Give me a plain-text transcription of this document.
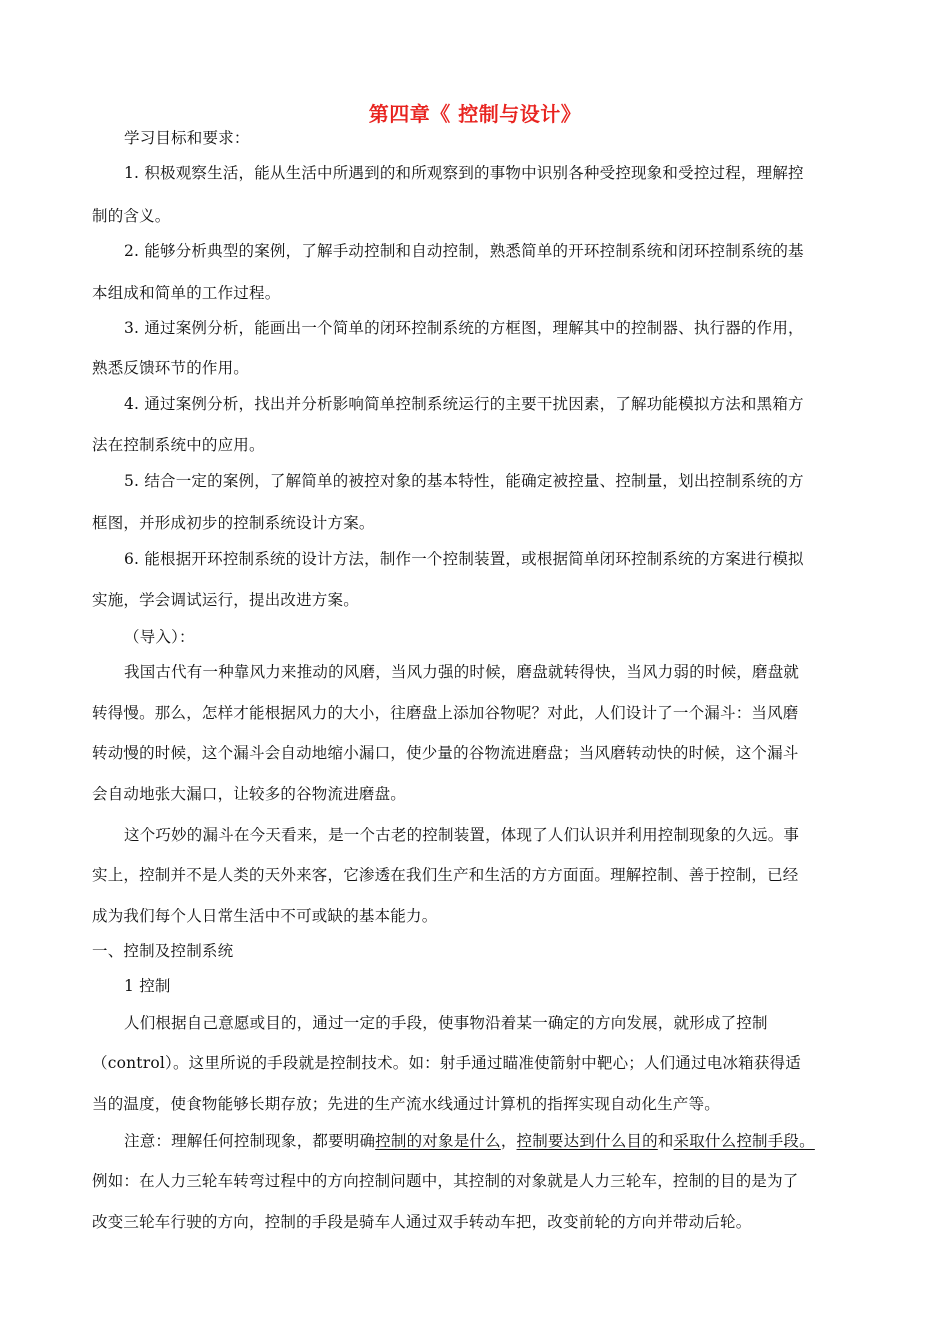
第四章《 控制与设计》
学习目标和要求：
1. 积极观察生活，能从生活中所遇到的和所观察到的事物中识别各种受控现象和受控过程，理解控
制的含义。
2. 能够分析典型的案例，了解手动控制和自动控制，熟悉简单的开环控制系统和闭环控制系统的基
本组成和简单的工作过程。
3. 通过案例分析，能画出一个简单的闭环控制系统的方框图，理解其中的控制器、执行器的作用，
熟悉反馈环节的作用。
4. 通过案例分析，找出并分析影响简单控制系统运行的主要干扰因素，了解功能模拟方法和黑箱方
法在控制系统中的应用。
5. 结合一定的案例，了解简单的被控对象的基本特性，能确定被控量、控制量，划出控制系统的方
框图，并形成初步的控制系统设计方案。
6. 能根据开环控制系统的设计方法，制作一个控制装置，或根据简单闭环控制系统的方案进行模拟
实施，学会调试运行，提出改进方案。
（导入）：
我国古代有一种靠风力来推动的风磨，当风力强的时候，磨盘就转得快，当风力弱的时候，磨盘就
转得慢。那么，怎样才能根据风力的大小，往磨盘上添加谷物呢？对此，人们设计了一个漏斗：当风磨
转动慢的时候，这个漏斗会自动地缩小漏口，使少量的谷物流进磨盘；当风磨转动快的时候，这个漏斗
会自动地张大漏口，让较多的谷物流进磨盘。
这个巧妙的漏斗在今天看来，是一个古老的控制装置，体现了人们认识并利用控制现象的久远。事
实上，控制并不是人类的天外来客，它渗透在我们生产和生活的方方面面。理解控制、善于控制，已经
成为我们每个人日常生活中不可或缺的基本能力。
一、控制及控制系统
1 控制
人们根据自己意愿或目的，通过一定的手段，使事物沿着某一确定的方向发展，就形成了控制
（control）。这里所说的手段就是控制技术。如：射手通过瞄准使箭射中靶心；人们通过电冰箱获得适
当的温度，使食物能够长期存放；先进的生产流水线通过计算机的指挥实现自动化生产等。
注意：理解任何控制现象，都要明确控制的对象是什么，控制要达到什么目的和采取什么控制手段。
例如：在人力三轮车转弯过程中的方向控制问题中，其控制的对象就是人力三轮车，控制的目的是为了
改变三轮车行驶的方向，控制的手段是骑车人通过双手转动车把，改变前轮的方向并带动后轮。
